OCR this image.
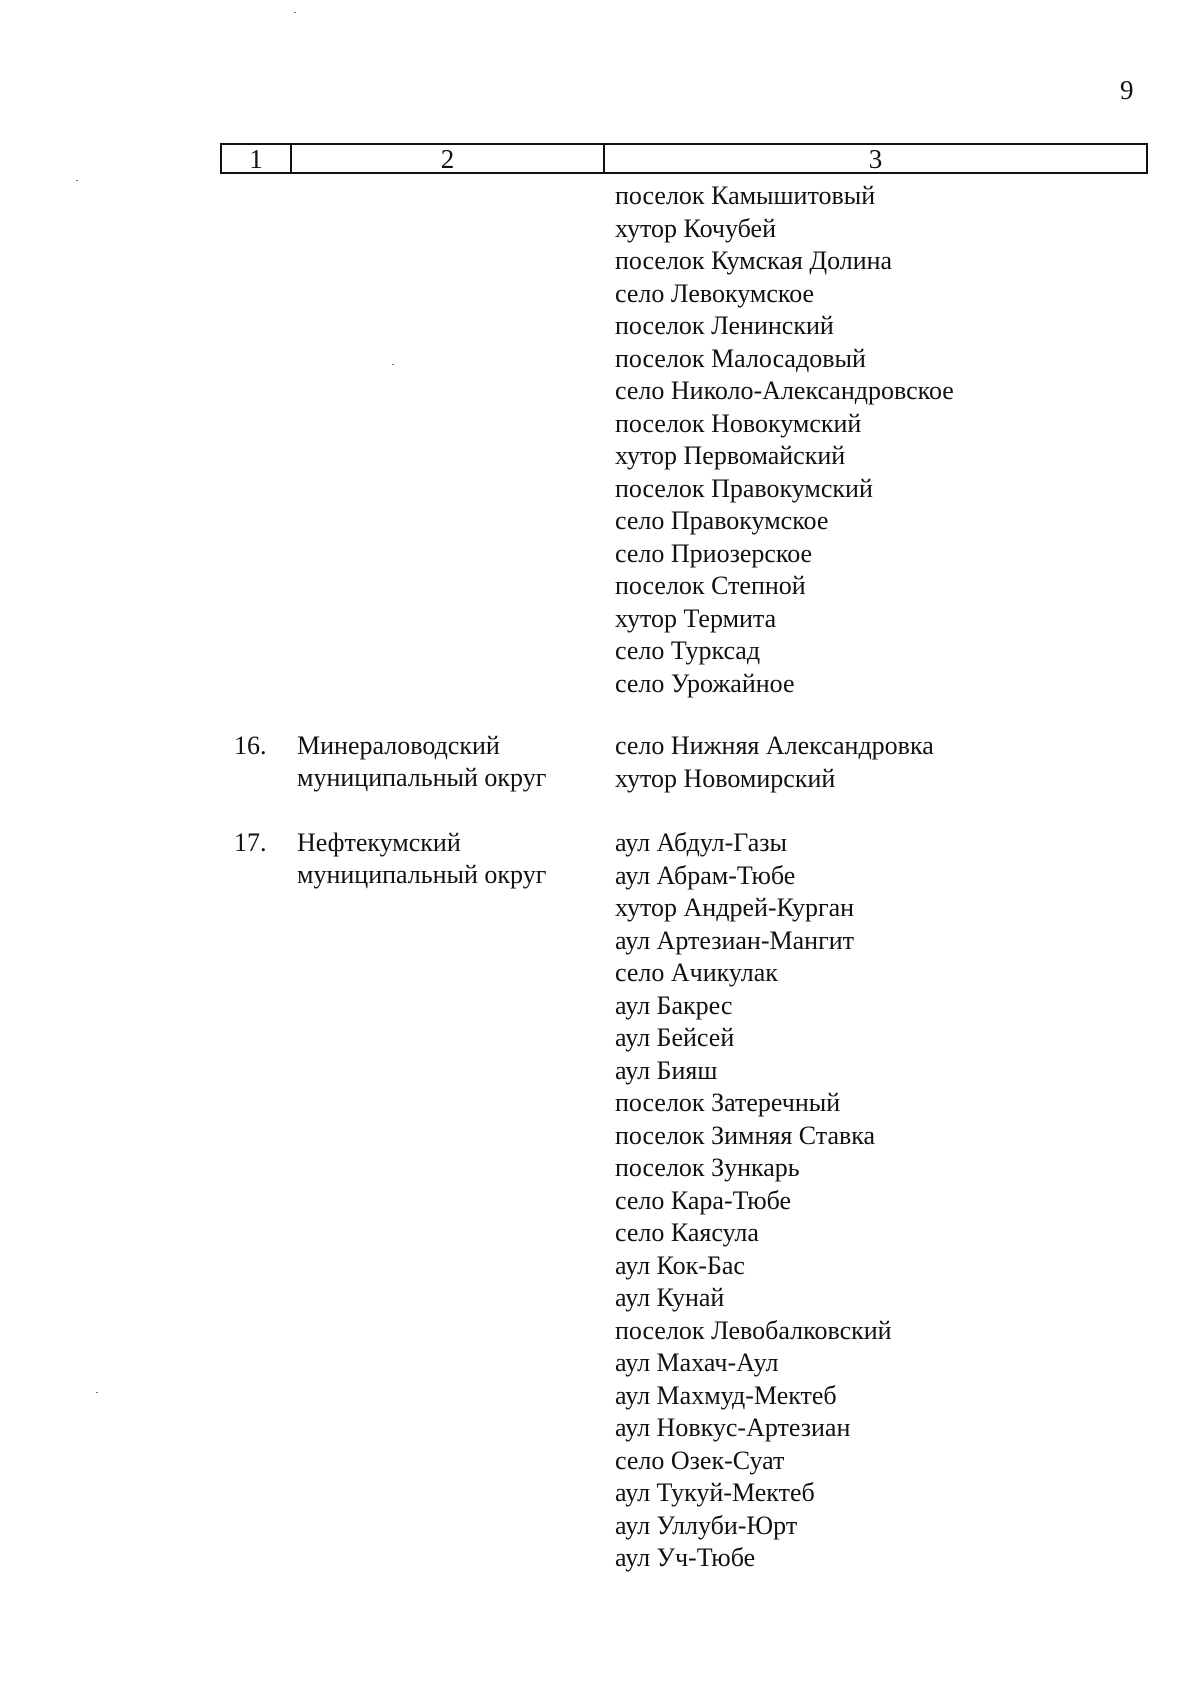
9
1	2	3
поселок Камышитовый
хутор Кочубей
поселок Кумская Долина
село Левокумское
поселок Ленинский
поселок Малосадовый
село Николо-Александровское
поселок Новокумский
хутор Первомайский
поселок Правокумский
село Правокумское
село Приозерское
поселок Степной
хутор Термита
село Турксад
село Урожайное
16. Минераловодский
муниципальный округ
село Нижняя Александровка
хутор Новомирский
17. Нефтекумский
муниципальный округ
аул Абдул-Газы
аул Абрам-Тюбе
хутор Андрей-Курган
аул Артезиан-Мангит
село Ачикулак
аул Бакрес
аул Бейсей
аул Бияш
поселок Затеречный
поселок Зимняя Ставка
поселок Зункарь
село Кара-Тюбе
село Каясула
аул Кок-Бас
аул Кунай
поселок Левобалковский
аул Махач-Аул
аул Махмуд-Мектеб
аул Новкус-Артезиан
село Озек-Суат
аул Тукуй-Мектеб
аул Уллуби-Юрт
аул Уч-Тюбе
